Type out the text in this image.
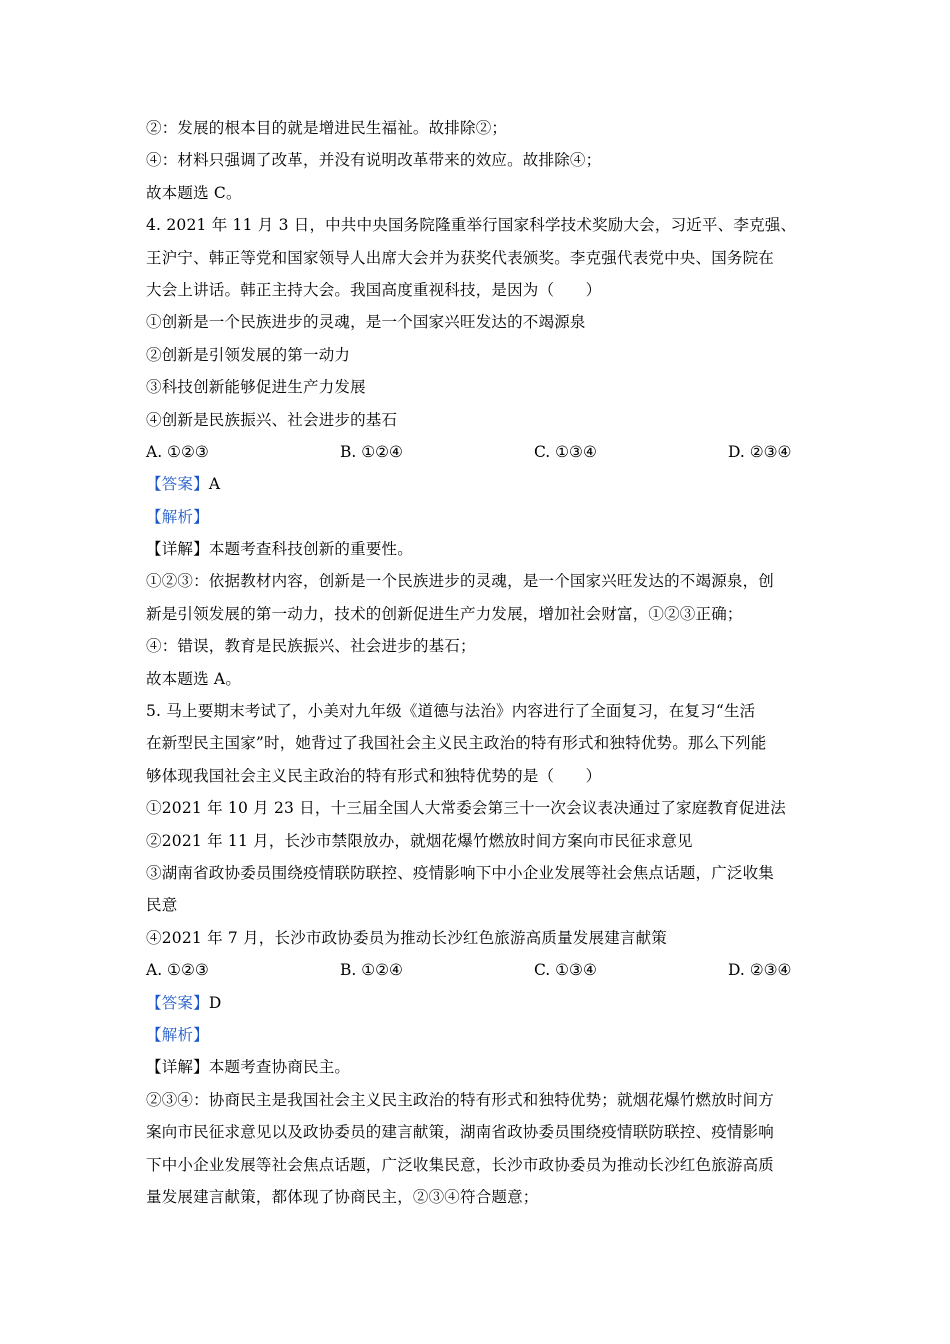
②：发展的根本目的就是增进民生福祉。故排除②；
④：材料只强调了改革，并没有说明改革带来的效应。故排除④；
故本题选 C。
4. 2021 年 11 月 3 日，中共中央国务院隆重举行国家科学技术奖励大会，习近平、李克强、
王沪宁、韩正等党和国家领导人出席大会并为获奖代表颁奖。李克强代表党中央、国务院在
大会上讲话。韩正主持大会。我国高度重视科技，是因为（　　）
①创新是一个民族进步的灵魂，是一个国家兴旺发达的不竭源泉
②创新是引领发展的第一动力
③科技创新能够促进生产力发展
④创新是民族振兴、社会进步的基石
A. ①②③	B. ①②④	C. ①③④	D. ②③④
【答案】A
【解析】
【详解】本题考查科技创新的重要性。
①②③：依据教材内容，创新是一个民族进步的灵魂，是一个国家兴旺发达的不竭源泉，创
新是引领发展的第一动力，技术的创新促进生产力发展，增加社会财富，①②③正确；
④：错误，教育是民族振兴、社会进步的基石；
故本题选 A。
5. 马上要期末考试了，小美对九年级《道德与法治》内容进行了全面复习，在复习“生活
在新型民主国家”时，她背过了我国社会主义民主政治的特有形式和独特优势。那么下列能
够体现我国社会主义民主政治的特有形式和独特优势的是（　　）
①2021 年 10 月 23 日，十三届全国人大常委会第三十一次会议表决通过了家庭教育促进法
②2021 年 11 月，长沙市禁限放办，就烟花爆竹燃放时间方案向市民征求意见
③湖南省政协委员围绕疫情联防联控、疫情影响下中小企业发展等社会焦点话题，广泛收集
民意
④2021 年 7 月，长沙市政协委员为推动长沙红色旅游高质量发展建言献策
A. ①②③	B. ①②④	C. ①③④	D. ②③④
【答案】D
【解析】
【详解】本题考查协商民主。
②③④：协商民主是我国社会主义民主政治的特有形式和独特优势；就烟花爆竹燃放时间方
案向市民征求意见以及政协委员的建言献策，湖南省政协委员围绕疫情联防联控、疫情影响
下中小企业发展等社会焦点话题，广泛收集民意，长沙市政协委员为推动长沙红色旅游高质
量发展建言献策，都体现了协商民主，②③④符合题意；
